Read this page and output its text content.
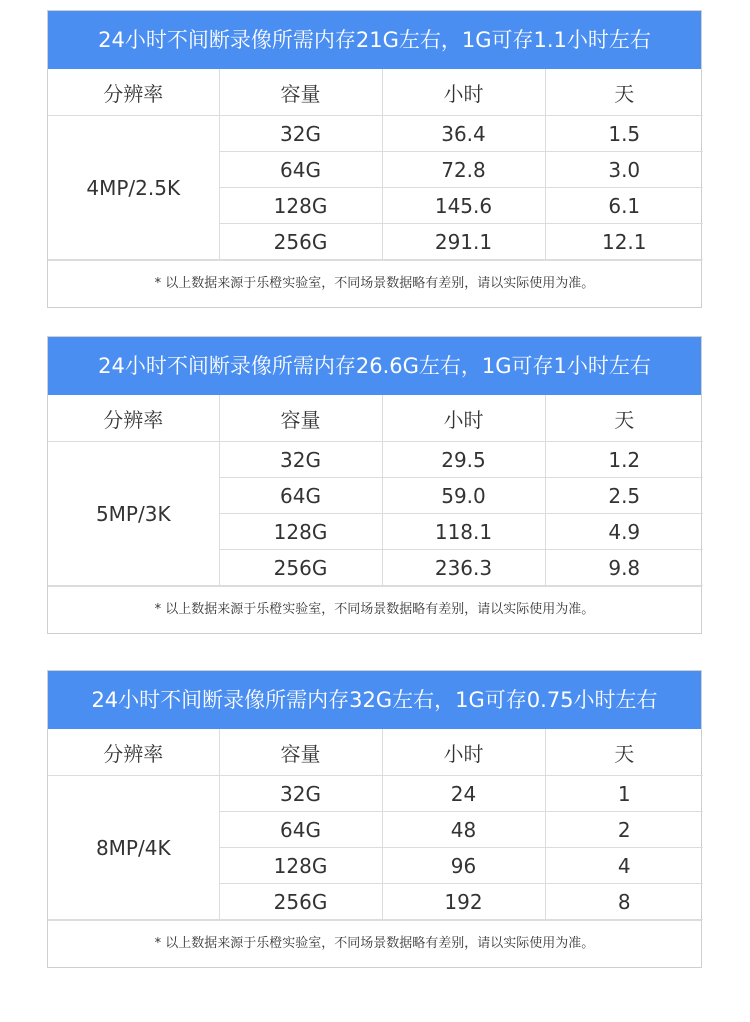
24小时不间断录像所需内存21G左右，1G可存1.1小时左右
分辨率	容量	小时	天
4MP/2.5K	32G	36.4	1.5
	64G	72.8	3.0
	128G	145.6	6.1
	256G	291.1	12.1
* 以上数据来源于乐橙实验室，不同场景数据略有差别，请以实际使用为准。
24小时不间断录像所需内存26.6G左右，1G可存1小时左右
分辨率	容量	小时	天
5MP/3K	32G	29.5	1.2
	64G	59.0	2.5
	128G	118.1	4.9
	256G	236.3	9.8
* 以上数据来源于乐橙实验室，不同场景数据略有差别，请以实际使用为准。
24小时不间断录像所需内存32G左右，1G可存0.75小时左右
分辨率	容量	小时	天
8MP/4K	32G	24	1
	64G	48	2
	128G	96	4
	256G	192	8
* 以上数据来源于乐橙实验室，不同场景数据略有差别，请以实际使用为准。
